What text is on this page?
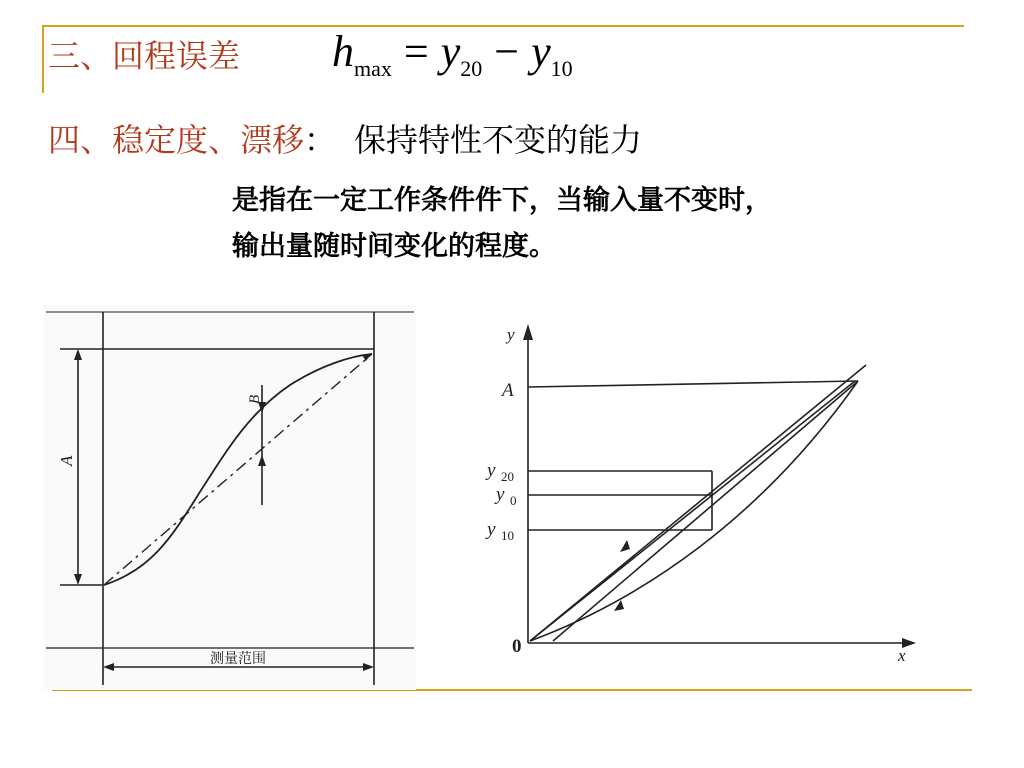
三、回程误差 $h_{max} = y_{20} - y_{10}$
四、稳定度、漂移： 保持特性不变的能力
是指在一定工作条件件下，当输入量不变时，
输出量随时间变化的程度。
A
B
测量范围
y
x
A
0
y 20
y 0
y 10
